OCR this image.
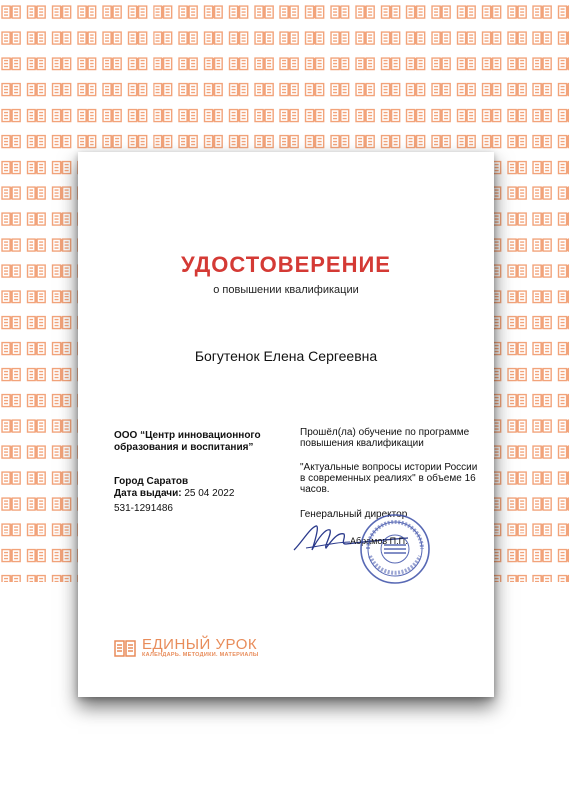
УДОСТОВЕРЕНИЕ
о повышении квалификации
Богутенок Елена Сергеевна
ООО “Центр инновационного образования и воспитания”
Город Саратов
Дата выдачи: 25 04 2022
531-1291486
Прошёл(ла) обучение по программе повышения квалификации
"Актуальные вопросы истории России в современных реалиях" в объеме 16 часов.
Генеральный директор
Абрамов П.П.
ЕДИНЫЙ УРОК
КАЛЕНДАРЬ. МЕТОДИКИ. МАТЕРИАЛЫ
